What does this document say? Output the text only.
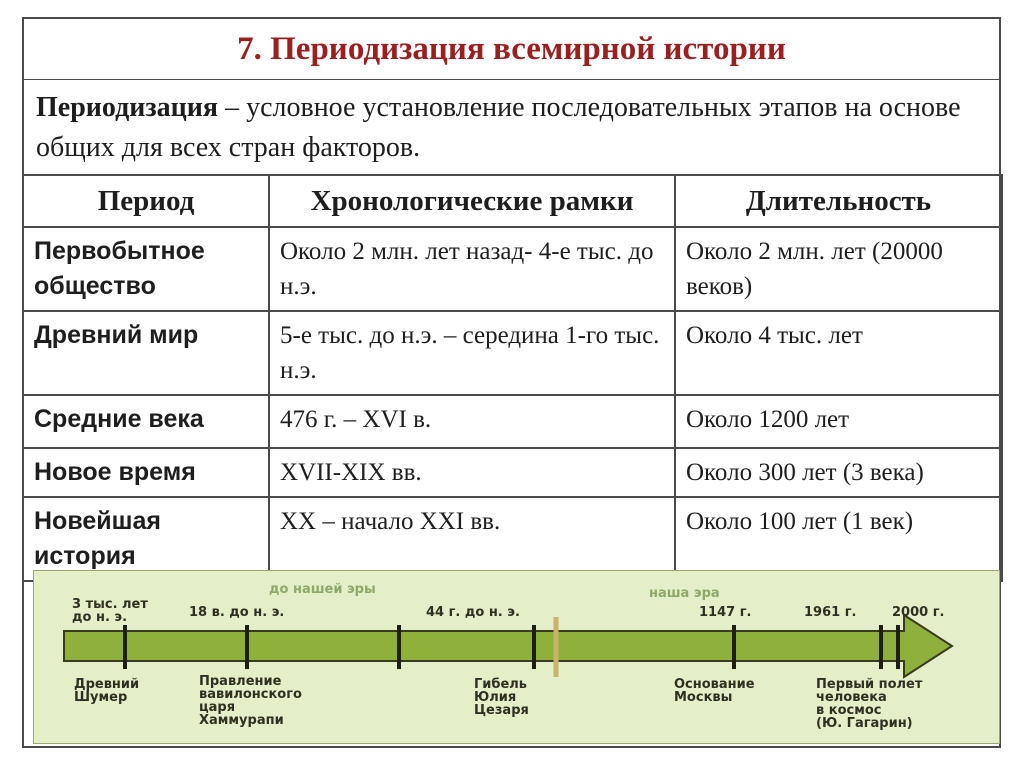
7. Периодизация всемирной истории
Периодизация – условное установление последовательных этапов на основе общих для всех стран факторов.
Период	Хронологические рамки	Длительность
Первобытное общество	Около 2 млн. лет назад- 4-е тыс. до н.э.	Около 2 млн. лет (20000 веков)
Древний мир	5-е тыс. до н.э. – середина 1-го тыс. н.э.	Около 4 тыс. лет
Средние века	476 г. – XVI в.	Около 1200 лет
Новое время	XVII-XIX вв.	Около 300 лет (3 века)
Новейшая история	XX – начало XXI вв.	Около 100 лет (1 век)
до нашей эры	наша эра
3 тыс. лет
до н. э.	18 в. до н. э.	44 г. до н. э.	1147 г.	1961 г.	2000 г.
Древний
Шумер
Правление
вавилонского
царя
Хаммурапи
Гибель
Юлия
Цезаря
Основание
Москвы
Первый полет
человека
в космос
(Ю. Гагарин)
